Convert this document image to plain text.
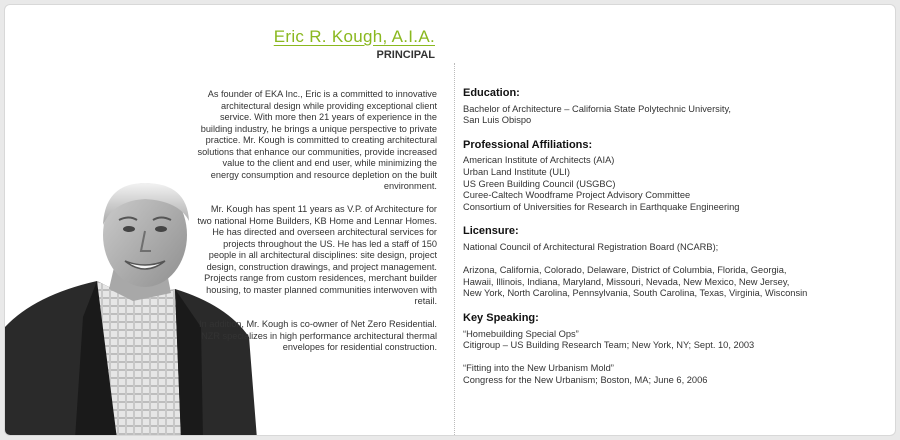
Eric R. Kough, A.I.A.
PRINCIPAL

As founder of EKA Inc., Eric is a committed to innovative architectural design while providing exceptional client service. With more then 21 years of experience in the building industry, he brings a unique perspective to private practice. Mr. Kough is committed to creating architectural solutions that enhance our communities, provide increased value to the client and end user, while minimizing the energy consumption and resource depletion on the built environment.

Mr. Kough has spent 11 years as V.P. of Architecture for two national Home Builders, KB Home and Lennar Homes. He has directed and overseen architectural services for projects throughout the US. He has led a staff of 150 people in all architectural disciplines: site design, project design, construction drawings, and project management. Projects range from custom residences, merchant builder housing, to master planned communities interwoven with retail.

In addition, Mr. Kough is co-owner of Net Zero Residential. NZR specializes in high performance architectural thermal envelopes for residential construction.

Education:
Bachelor of Architecture – California State Polytechnic University,
San Luis Obispo
Professional Affiliations:
American Institute of Architects (AIA)
Urban Land Institute (ULI)
US Green Building Council (USGBC)
Curee-Caltech Woodframe Project Advisory Committee
Consortium of Universities for Research in Earthquake Engineering
Licensure:
National Council of Architectural Registration Board (NCARB);
Arizona, California, Colorado, Delaware, District of Columbia, Florida, Georgia,
Hawaii, Illinois, Indiana, Maryland, Missouri, Nevada, New Mexico, New Jersey,
New York, North Carolina, Pennsylvania, South Carolina, Texas, Virginia, Wisconsin
Key Speaking:
“Homebuilding Special Ops”
Citigroup – US Building Research Team; New York, NY; Sept. 10, 2003
“Fitting into the New Urbanism Mold”
Congress for the New Urbanism; Boston, MA; June 6, 2006
